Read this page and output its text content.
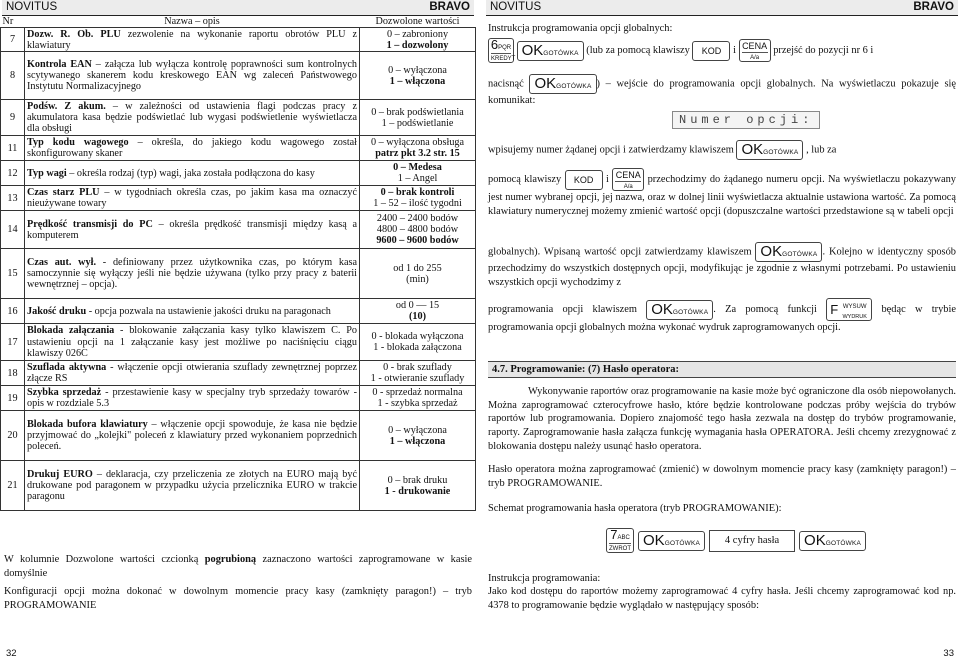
NOVITUS	BRAVO
Nr	Nazwa – opis	Dozwolone wartości
7	Dozw. R. Ob. PLU zezwolenie na wykonanie raportu obrotów PLU z klawiatury	0 – zabroniony
1 – dozwolony

8	Kontrola EAN – załącza lub wyłącza kontrolę poprawności sum kontrolnych scytywanego skanerem kodu kreskowego EAN wg zaleceń Państwowego Instytutu Normalizacyjnego	0 – wyłączona
1 – włączona

9	Podśw. Z akum. – w zależności od ustawienia flagi podczas pracy z akumulatora kasa będzie podświetlać lub wygasi podświetlenie wyświetlacza dla obsługi	0 – brak podświetlania
1 – podświetlanie

11	Typ kodu wagowego – określa, do jakiego kodu wagowego został skonfigurowany skaner	0 – wyłączona obsługa
patrz pkt 3.2 str. 15

12	Typ wagi – określa rodzaj (typ) wagi, jaka została podłączona do kasy	0 – Medesa
1 – Angel

13	Czas starz PLU – w tygodniach określa czas, po jakim kasa ma oznaczyć nieużywane towary	0 – brak kontroli
1 – 52 – ilość tygodni

14	Prędkość transmisji do PC – określa prędkość transmisji między kasą a komputerem	2400 – 2400 bodów
4800 – 4800 bodów
9600 – 9600 bodów

15	Czas aut. wył. - definiowany przez użytkownika czas, po którym kasa samoczynnie się wyłączy jeśli nie będzie używana (tylko przy pracy z baterii wewnętrznej – opcja).	od 1 do 255
(min)

16	Jakość druku - opcja pozwala na ustawienie jakości druku na paragonach	od 0 — 15
(10)

17	Blokada załączania - blokowanie załączania kasy tylko klawiszem C. Po ustawieniu opcji na 1 załączanie kasy jest możliwe po naciśnięciu ciągu klawiszy 026C	0 - blokada wyłączona
1 - blokada załączona

18	Szuflada aktywna - włączenie opcji otwierania szuflady zewnętrznej poprzez złącze RS	0 - brak szuflady
1 - otwieranie szuflady

19	Szybka sprzedaż - przestawienie kasy w specjalny tryb sprzedaży towarów - opis w rozdziale 5.3	0 - sprzedaż normalna
1 - szybka sprzedaż

20	Blokada bufora klawiatury – włączenie opcji spowoduje, że kasa nie będzie przyjmować do „kolejki" poleceń z klawiatury przed wykonaniem poprzednich poleceń.	0 – wyłączona
1 – włączona

21	Drukuj EURO – deklaracja, czy przeliczenia ze złotych na EURO mają być drukowane pod paragonem w przypadku użycia przelicznika EURO w trakcie paragonu	0 – brak druku
1 - drukowanie
W kolumnie Dozwolone wartości czcionką pogrubioną zaznaczono wartości zaprogramowane w kasie domyślnie
Konfiguracji opcji można dokonać w dowolnym momencie pracy kasy (zamknięty paragon!) – tryb PROGRAMOWANIE
32
NOVITUS	BRAVO
Instrukcja programowania opcji globalnych:
6PQR
KREDYT
OKGOTÓWKA (lub za pomocą klawiszy KOD i CENA
A/a
przejść do pozycji nr 6 i
nacisnąć OKGOTÓWKA ) – wejście do programowania opcji globalnych. Na wyświetlaczu pokazuje się komunikat:
Numer opcji:
wpisujemy numer żądanej opcji i zatwierdzamy klawiszem OKGOTÓWKA , lub za
pomocą klawiszy KOD i CENA
A/a
przechodzimy do żądanego numeru opcji. Na wyświetlaczu pokazywany jest numer wybranej opcji, jej nazwa, oraz w dolnej linii wyświetlacza aktualnie ustawiona wartość. Za pomocą klawiatury numerycznej możemy zmienić wartość opcji (dopuszczalne wartości przedstawione są w tabeli opcji
globalnych). Wpisaną wartość opcji zatwierdzamy klawiszem OKGOTÓWKA . Kolejno w identyczny sposób przechodzimy do wszystkich dostępnych opcji, modyfikując je zgodnie z własnymi potrzebami. Po ustawieniu wszystkich opcji wychodzimy z
programowania opcji klawiszem OKGOTÓWKA . Za pomocą funkcji F WYSUW
WYDRUK
będąc w trybie programowania opcji globalnych można wykonać wydruk zaprogramowanych opcji.
4.7. Programowanie: (7) Hasło operatora:
Wykonywanie raportów oraz programowanie na kasie może być ograniczone dla osób niepowołanych. Można zaprogramować czterocyfrowe hasło, które będzie kontrolowane podczas próby wejścia do trybów raportów lub programowania. Dopiero znajomość tego hasła zezwala na dostęp do trybów programowanie, raporty. Zaprogramowanie hasła załącza funkcję wymagania hasła OPERATORA. Jeśli chcemy zrezygnować z blokowania dostępu należy usunąć hasło operatora.
Hasło operatora można zaprogramować (zmienić) w dowolnym momencie pracy kasy (zamknięty paragon!) – tryb PROGRAMOWANIE.
Schemat programowania hasła operatora (tryb PROGRAMOWANIE):
7ABC
ZWROT
OKGOTÓWKA 4 cyfry hasła OKGOTÓWKA
Instrukcja programowania:
Jako kod dostępu do raportów możemy zaprogramować 4 cyfry hasła. Jeśli chcemy zaprogramować kod np. 4378 to programowanie będzie wyglądało w następujący sposób:
33
